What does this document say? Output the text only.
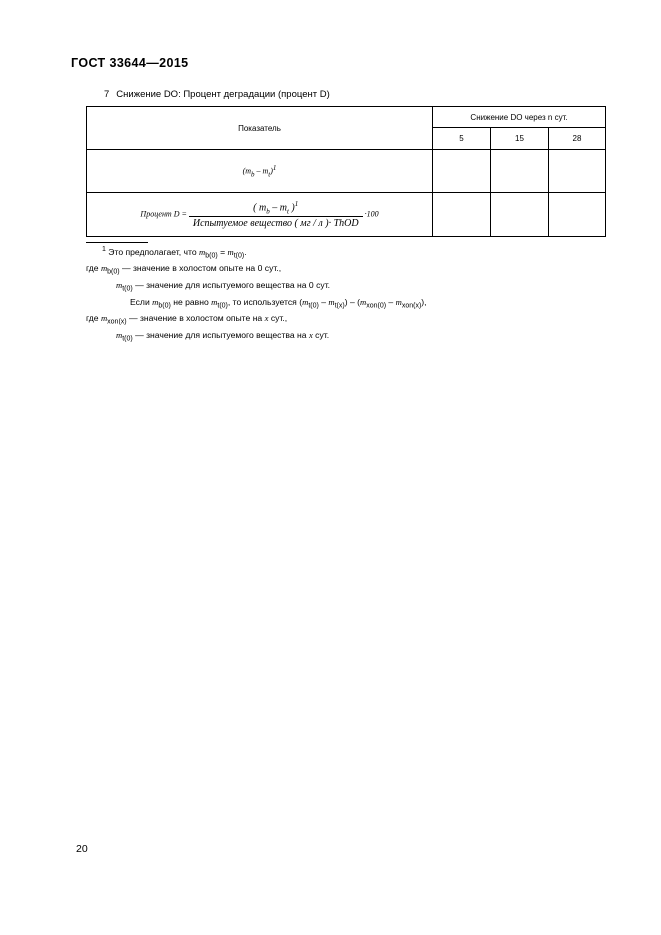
ГОСТ 33644—2015
7 Снижение DO: Процент деградации (процент D)
Показатель	Снижение DO через n сут.		
	5	15	28
(mb – mt)1			
Процент $D = \frac{( m_b - m_t )^1}{\text{Испытуемое вещество ( мг / л )· ThOD}} \cdot 100$			
$^1$ Это предполагает, что $m_{b(0)} = m_{t(0)}$.
где $m_{b(0)}$ — значение в холостом опыте на 0 сут.,
$m_{t(0)}$ — значение для испытуемого вещества на 0 сут.
Если $m_{b(0)}$ не равно $m_{t(0)}$, то используется $(m_{t(0)} - m_{t(x)}) - (m_{xon(0)} - m_{xon(x)})$,
где $m_{xon(x)}$ — значение в холостом опыте на x сут.,
$m_{t(0)}$ — значение для испытуемого вещества на x сут.
20
